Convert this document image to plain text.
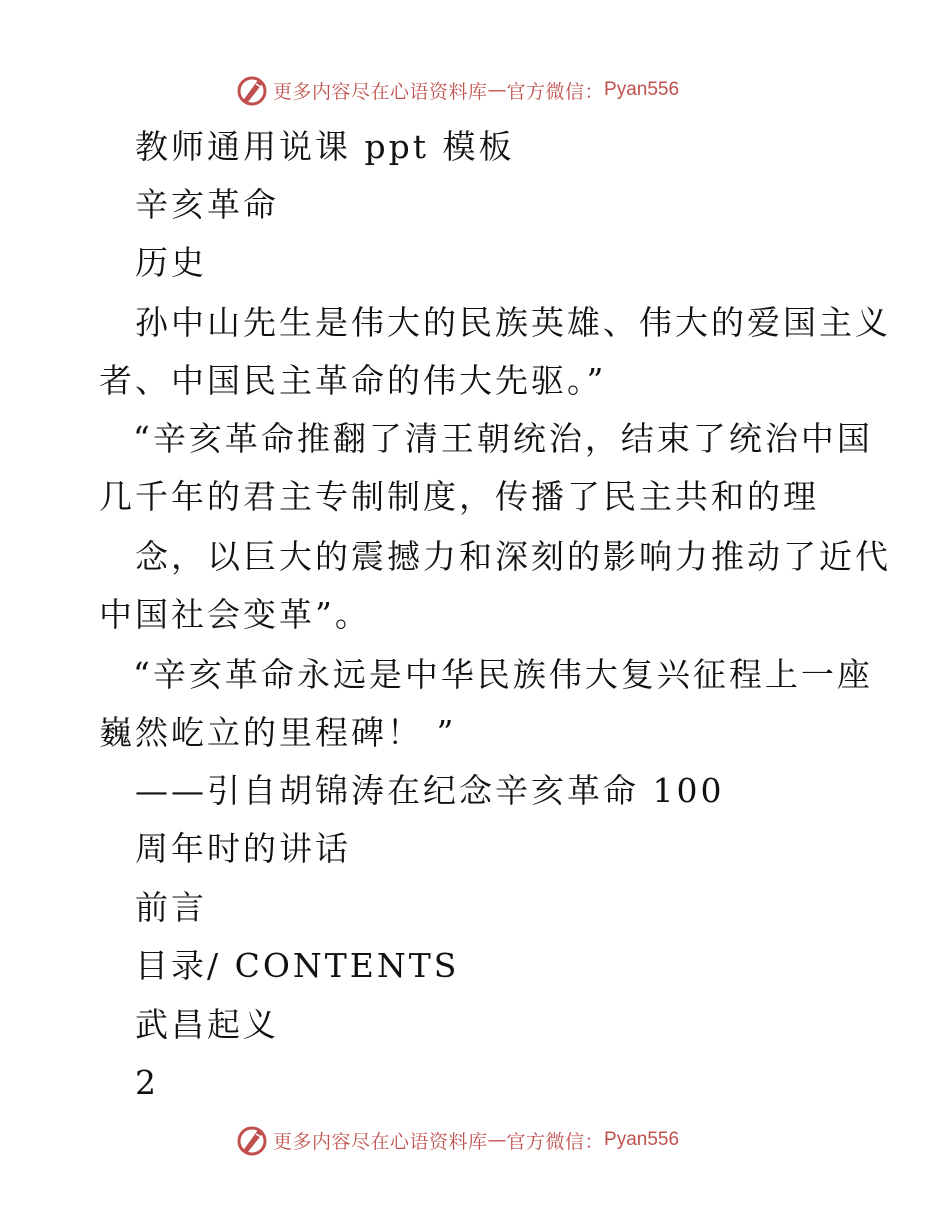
更多内容尽在心语资料库 — 官方微信： Pyan556
教师通用说课 ppt 模板
辛亥革命
历史
孙中山先生是伟大的民族英雄、伟大的爱国主义
者、中国民主革命的伟大先驱。”
“辛亥革命推翻了清王朝统治，结束了统治中国
几千年的君主专制制度，传播了民主共和的理
念，以巨大的震撼力和深刻的影响力推动了近代
中国社会变革”。
“辛亥革命永远是中华民族伟大复兴征程上一座
巍然屹立的里程碑！ ”
——引自胡锦涛在纪念辛亥革命 100
周年时的讲话
前言
目录/ CONTENTS
武昌起义
2
更多内容尽在心语资料库 — 官方微信： Pyan556
